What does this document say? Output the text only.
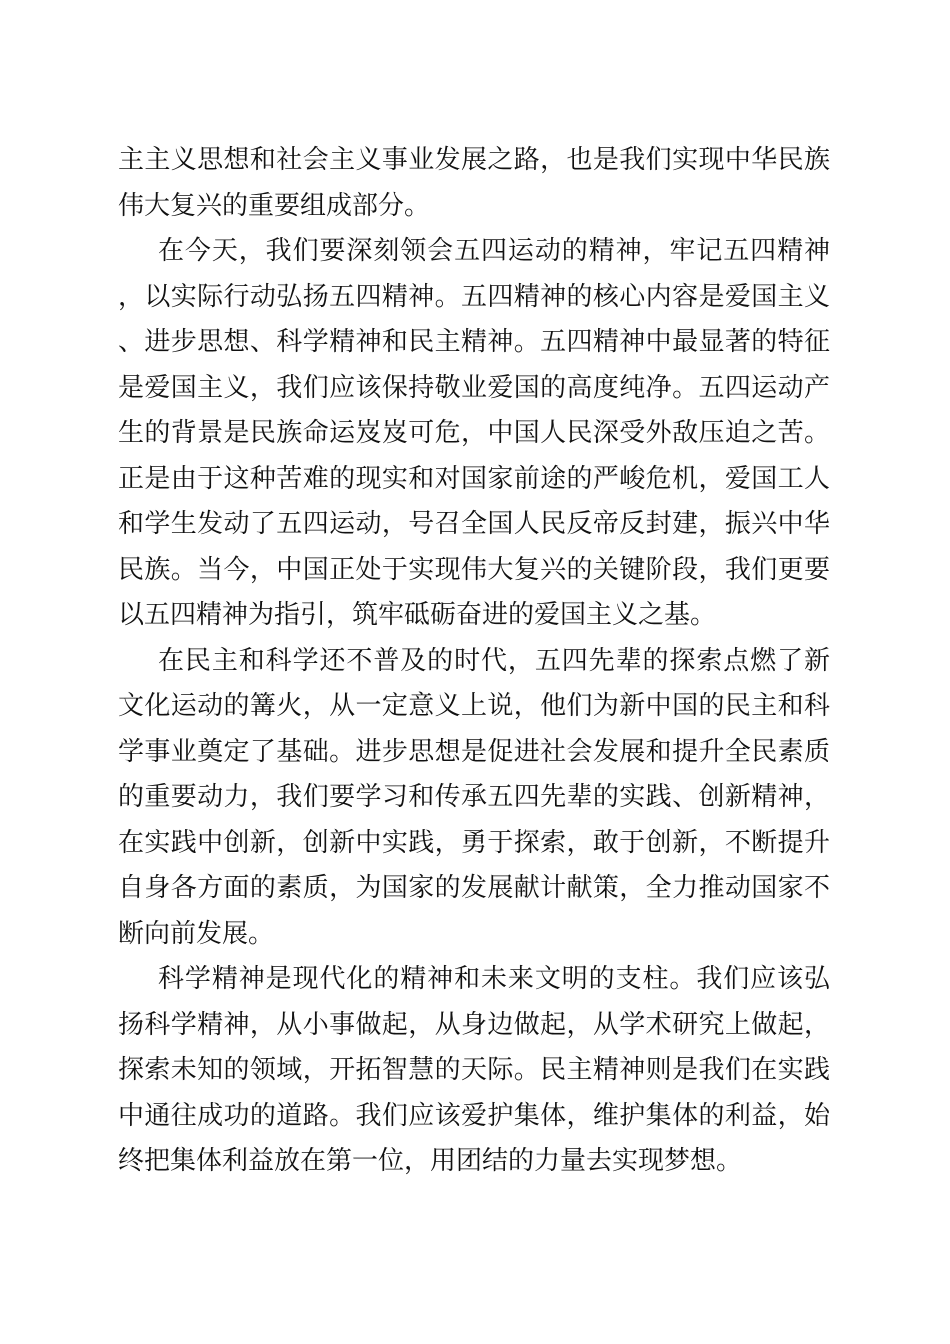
主主义思想和社会主义事业发展之路，也是我们实现中华民族伟大复兴的重要组成部分。

在今天，我们要深刻领会五四运动的精神，牢记五四精神，以实际行动弘扬五四精神。五四精神的核心内容是爱国主义、进步思想、科学精神和民主精神。五四精神中最显著的特征是爱国主义，我们应该保持敬业爱国的高度纯净。五四运动产生的背景是民族命运岌岌可危，中国人民深受外敌压迫之苦。正是由于这种苦难的现实和对国家前途的严峻危机，爱国工人和学生发动了五四运动，号召全国人民反帝反封建，振兴中华民族。当今，中国正处于实现伟大复兴的关键阶段，我们更要以五四精神为指引，筑牢砥砺奋进的爱国主义之基。

在民主和科学还不普及的时代，五四先辈的探索点燃了新文化运动的篝火，从一定意义上说，他们为新中国的民主和科学事业奠定了基础。进步思想是促进社会发展和提升全民素质的重要动力，我们要学习和传承五四先辈的实践、创新精神，在实践中创新，创新中实践，勇于探索，敢于创新，不断提升自身各方面的素质，为国家的发展献计献策，全力推动国家不断向前发展。

科学精神是现代化的精神和未来文明的支柱。我们应该弘扬科学精神，从小事做起，从身边做起，从学术研究上做起，探索未知的领域，开拓智慧的天际。民主精神则是我们在实践中通往成功的道路。我们应该爱护集体，维护集体的利益，始终把集体利益放在第一位，用团结的力量去实现梦想。
